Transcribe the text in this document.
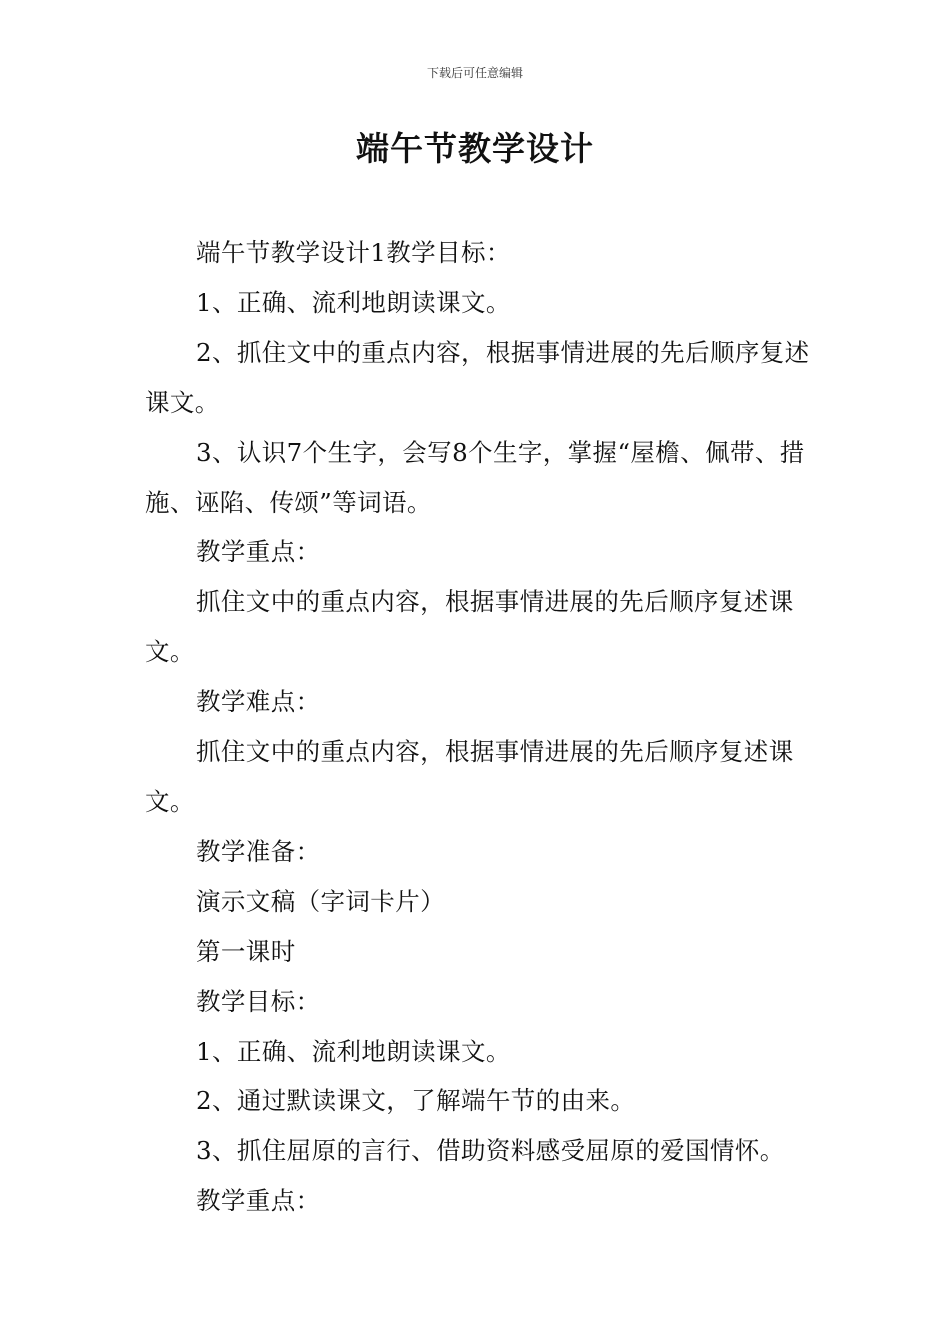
下载后可任意编辑
端午节教学设计

端午节教学设计1教学目标：

1、正确、流利地朗读课文。

2、抓住文中的重点内容，根据事情进展的先后顺序复述课文。

3、认识7个生字，会写8个生字，掌握“屋檐、佩带、措施、诬陷、传颂”等词语。

教学重点：

抓住文中的重点内容，根据事情进展的先后顺序复述课文。

教学难点：

抓住文中的重点内容，根据事情进展的先后顺序复述课文。

教学准备：

演示文稿（字词卡片）

第一课时

教学目标：

1、正确、流利地朗读课文。

2、通过默读课文，了解端午节的由来。

3、抓住屈原的言行、借助资料感受屈原的爱国情怀。

教学重点：
